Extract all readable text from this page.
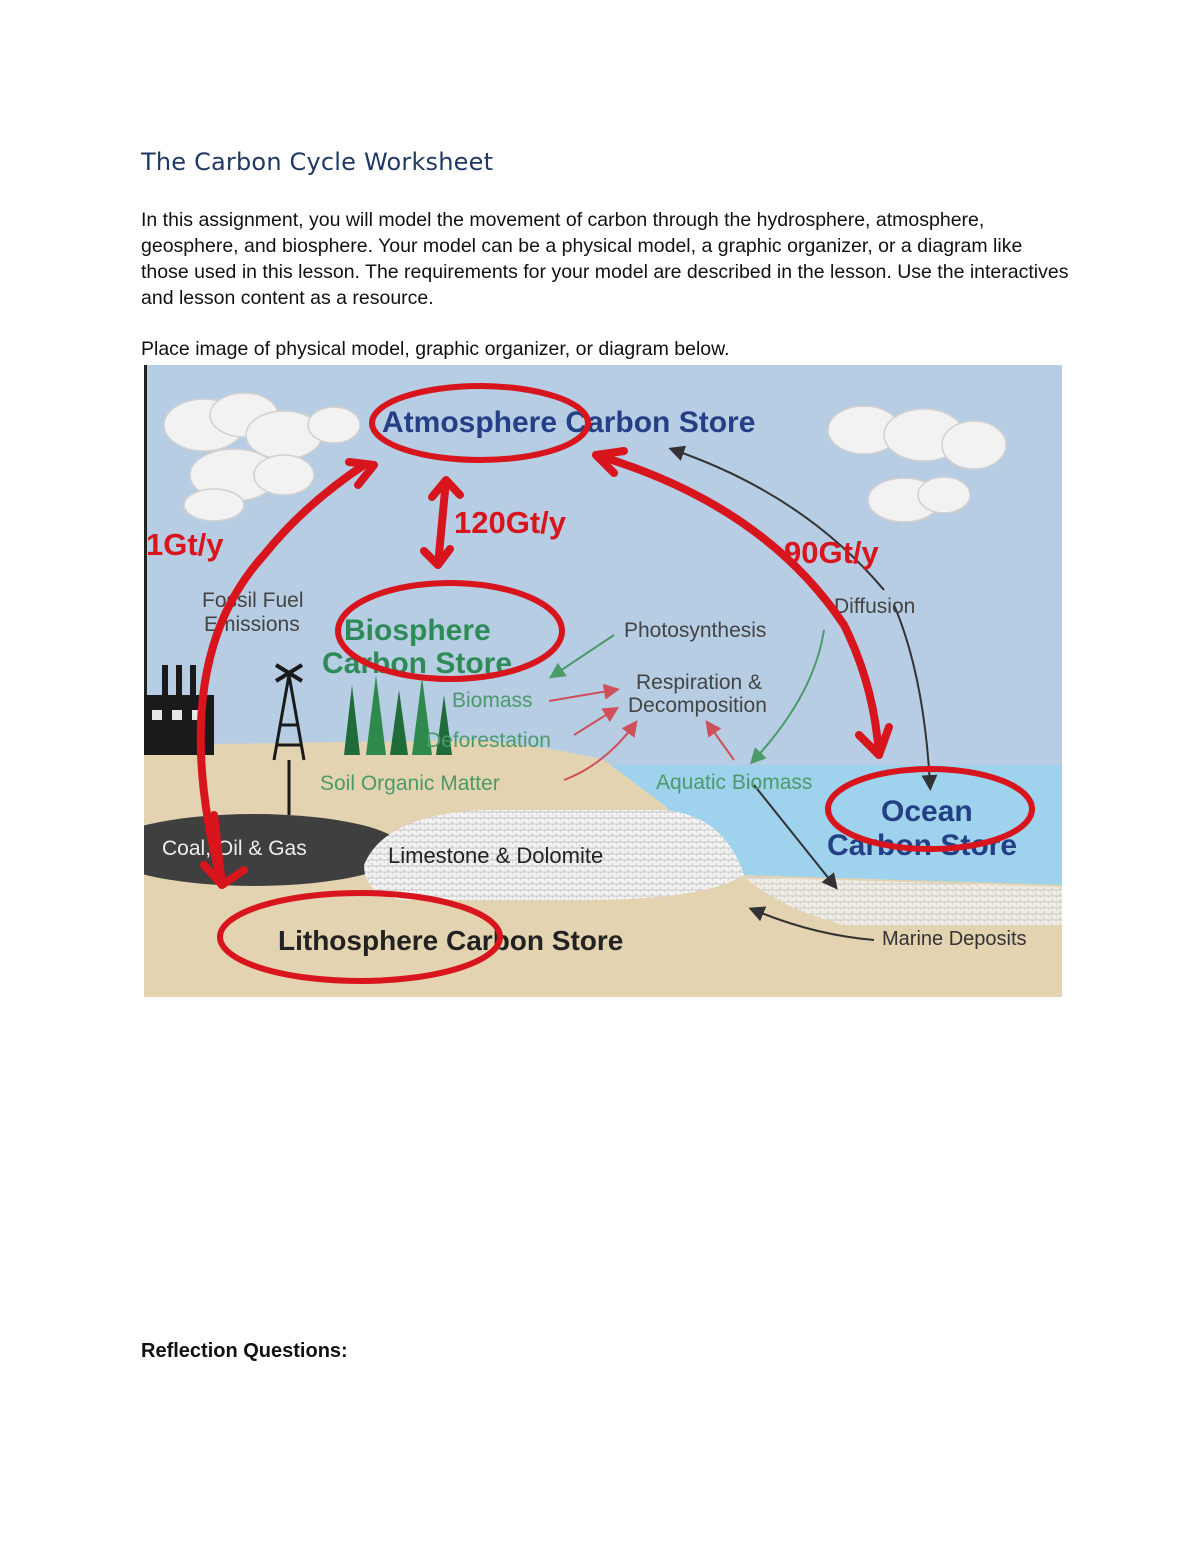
The Carbon Cycle Worksheet
In this assignment, you will model the movement of carbon through the hydrosphere, atmosphere, geosphere, and biosphere. Your model can be a physical model, a graphic organizer, or a diagram like those used in this lesson. The requirements for your model are described in the lesson. Use the interactives and lesson content as a resource.
Place image of physical model, graphic organizer, or diagram below.
Atmosphere Carbon Store
120Gt/y
1Gt/y	90Gt/y
Fossil Fuel
Emissions Biosphere
Carbon Store
Photosynthesis
Diffusion
Respiration &
Decomposition
Biomass
Deforestation
Soil Organic Matter	Aquatic Biomass
Ocean
Carbon Store
Coal, Oil & Gas	Limestone & Dolomite
Lithosphere Carbon Store	Marine Deposits
Reflection Questions:
